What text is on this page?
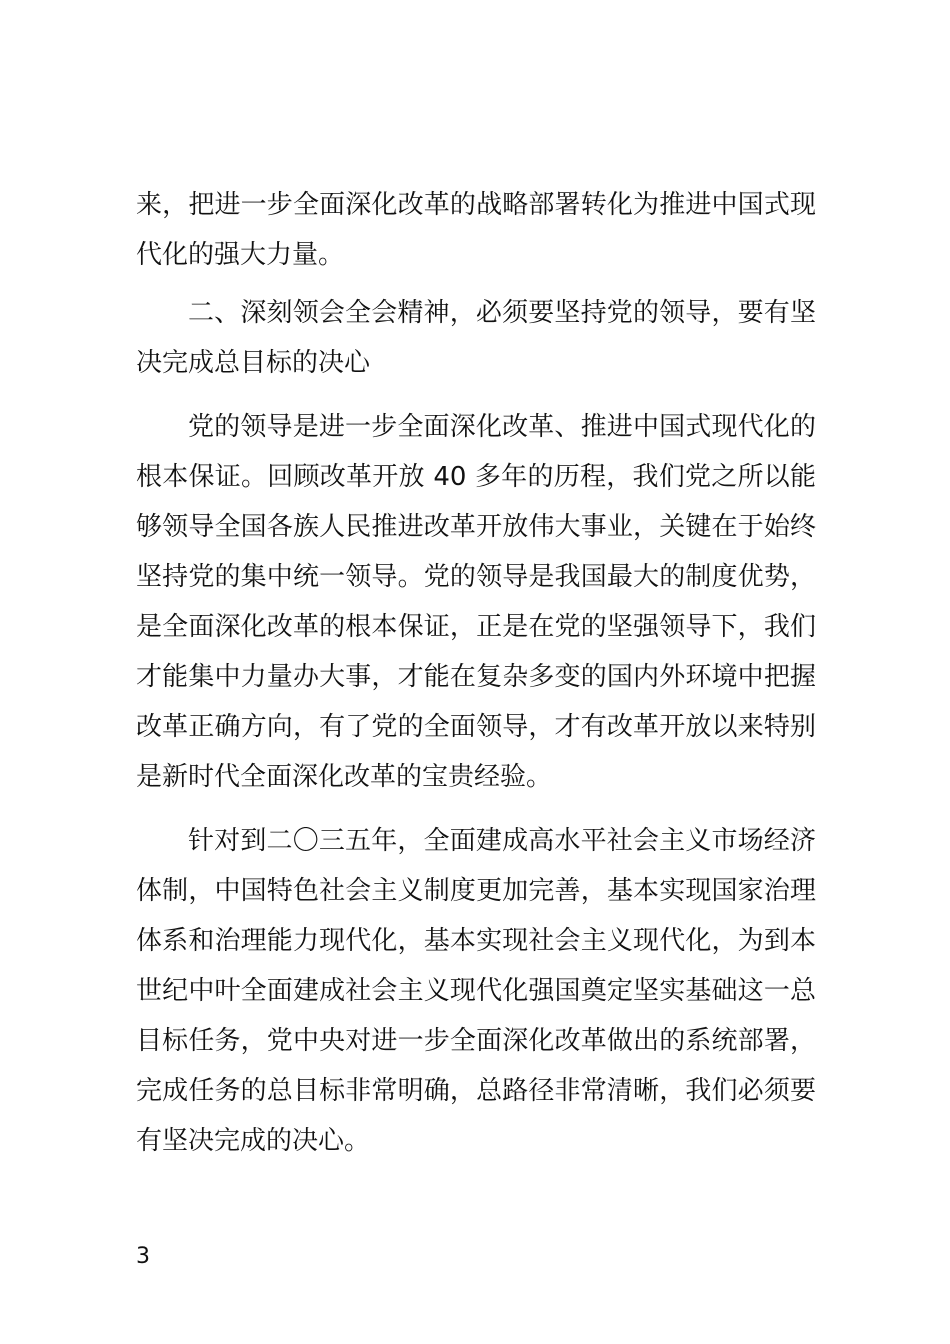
来，把进一步全面深化改革的战略部署转化为推进中国式现代化的强大力量。

二、深刻领会全会精神，必须要坚持党的领导，要有坚决完成总目标的决心

党的领导是进一步全面深化改革、推进中国式现代化的根本保证。回顾改革开放 40 多年的历程，我们党之所以能够领导全国各族人民推进改革开放伟大事业，关键在于始终坚持党的集中统一领导。党的领导是我国最大的制度优势，是全面深化改革的根本保证，正是在党的坚强领导下，我们才能集中力量办大事，才能在复杂多变的国内外环境中把握改革正确方向，有了党的全面领导，才有改革开放以来特别是新时代全面深化改革的宝贵经验。

针对到二〇三五年，全面建成高水平社会主义市场经济体制，中国特色社会主义制度更加完善，基本实现国家治理体系和治理能力现代化，基本实现社会主义现代化，为到本世纪中叶全面建成社会主义现代化强国奠定坚实基础这一总目标任务，党中央对进一步全面深化改革做出的系统部署，完成任务的总目标非常明确，总路径非常清晰，我们必须要有坚决完成的决心。

3
